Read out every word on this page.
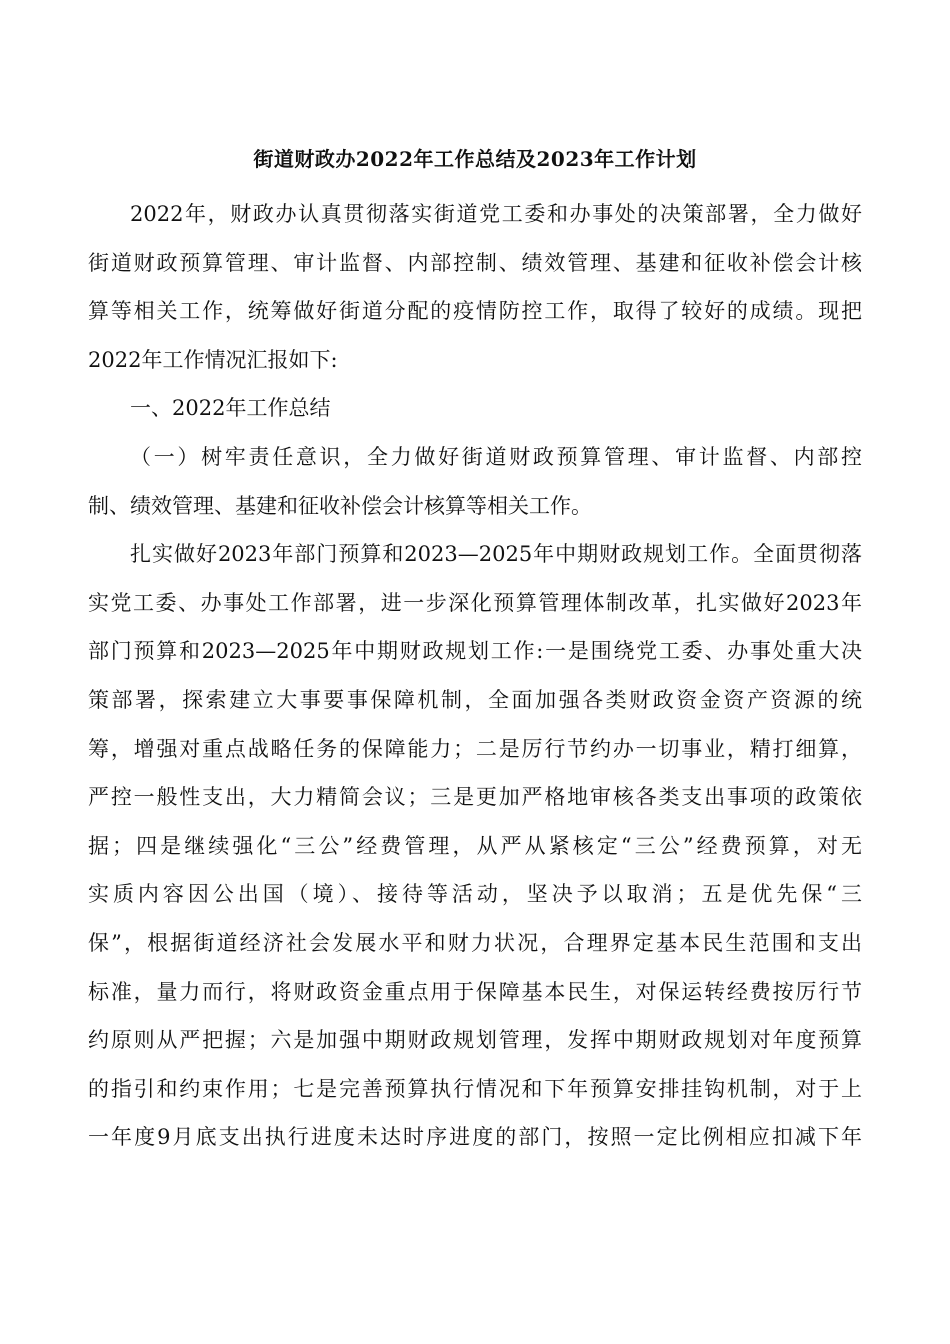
街道财政办2022年工作总结及2023年工作计划
2022年，财政办认真贯彻落实街道党工委和办事处的决策部署，全力做好
街道财政预算管理、审计监督、内部控制、绩效管理、基建和征收补偿会计核
算等相关工作，统筹做好街道分配的疫情防控工作，取得了较好的成绩。现把
2022年工作情况汇报如下:
一、2022年工作总结
（一）树牢责任意识，全力做好街道财政预算管理、审计监督、内部控
制、绩效管理、基建和征收补偿会计核算等相关工作。
扎实做好2023年部门预算和2023—2025年中期财政规划工作。全面贯彻落
实党工委、办事处工作部署，进一步深化预算管理体制改革，扎实做好2023年
部门预算和2023—2025年中期财政规划工作:一是围绕党工委、办事处重大决
策部署，探索建立大事要事保障机制，全面加强各类财政资金资产资源的统
筹，增强对重点战略任务的保障能力；二是厉行节约办一切事业，精打细算，
严控一般性支出，大力精简会议；三是更加严格地审核各类支出事项的政策依
据；四是继续强化“三公”经费管理，从严从紧核定“三公”经费预算，对无
实质内容因公出国（境）、接待等活动，坚决予以取消；五是优先保“三
保”，根据街道经济社会发展水平和财力状况，合理界定基本民生范围和支出
标准，量力而行，将财政资金重点用于保障基本民生，对保运转经费按厉行节
约原则从严把握；六是加强中期财政规划管理，发挥中期财政规划对年度预算
的指引和约束作用；七是完善预算执行情况和下年预算安排挂钩机制，对于上
一年度9月底支出执行进度未达时序进度的部门，按照一定比例相应扣减下年
